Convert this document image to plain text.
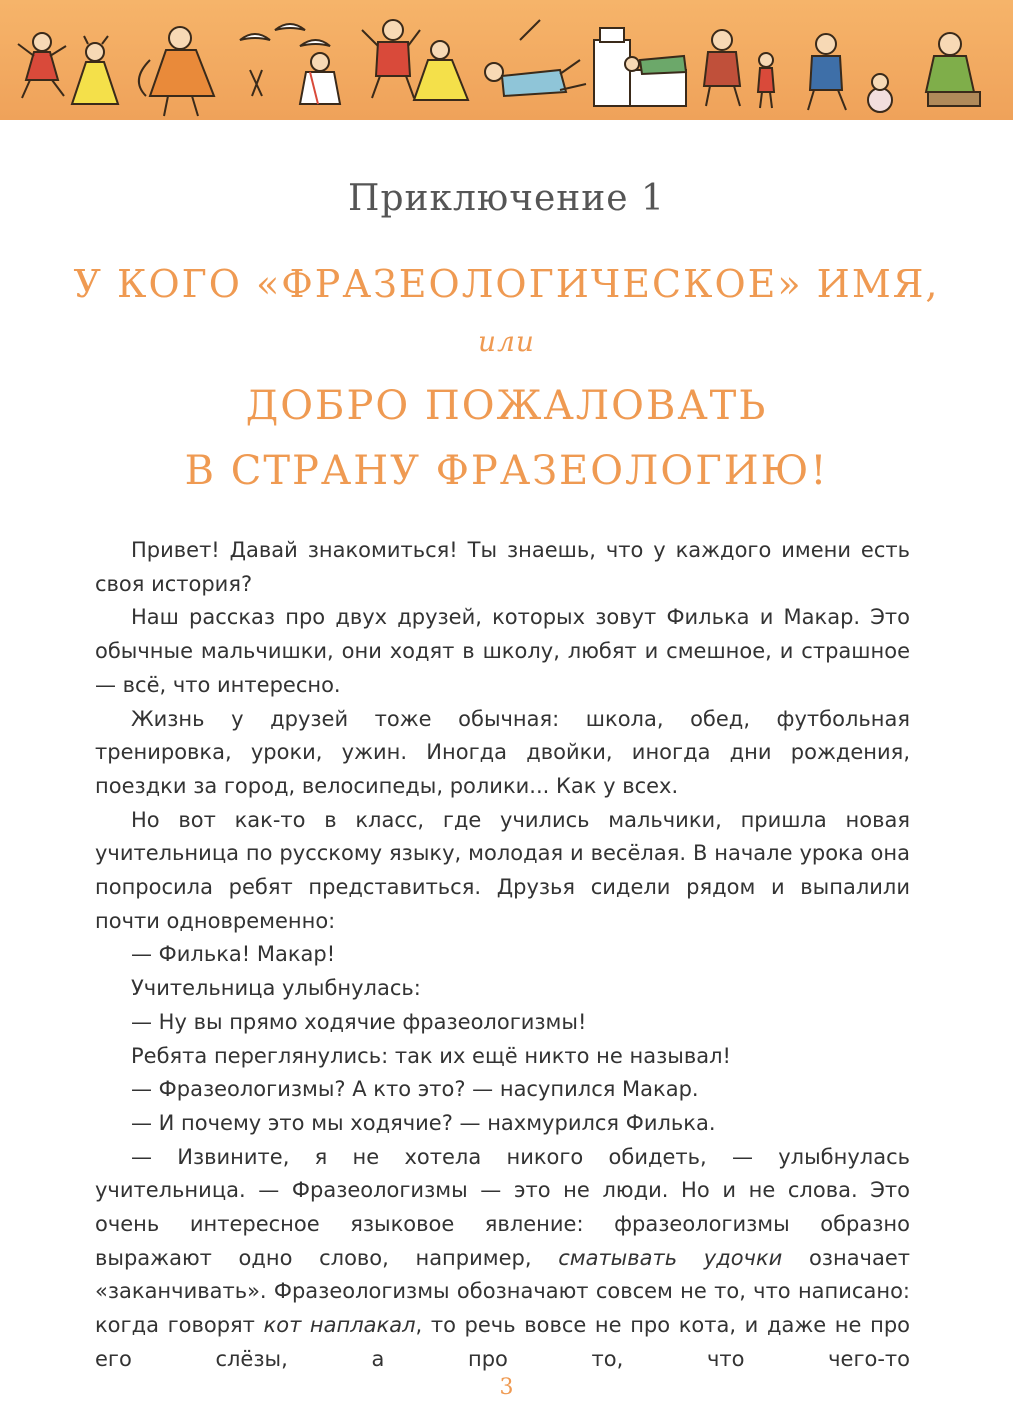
Приключение 1
У КОГО «ФРАЗЕОЛОГИЧЕСКОЕ» ИМЯ,
или
ДОБРО ПОЖАЛОВАТЬ
В СТРАНУ ФРАЗЕОЛОГИЮ!

Привет! Давай знакомиться! Ты знаешь, что у каждого имени есть своя история?

Наш рассказ про двух друзей, которых зовут Филька и Макар. Это обычные мальчишки, они ходят в школу, любят и смешное, и страшное — всё, что интересно.

Жизнь у друзей тоже обычная: школа, обед, футбольная тренировка, уроки, ужин. Иногда двойки, иногда дни рождения, поездки за город, велосипеды, ролики... Как у всех.

Но вот как-то в класс, где учились мальчики, пришла новая учительница по русскому языку, молодая и весёлая. В начале урока она попросила ребят представиться. Друзья сидели рядом и выпалили почти одновременно:

— Филька! Макар!

Учительница улыбнулась:

— Ну вы прямо ходячие фразеологизмы!

Ребята переглянулись: так их ещё никто не называл!

— Фразеологизмы? А кто это? — насупился Макар.

— И почему это мы ходячие? — нахмурился Филька.

— Извините, я не хотела никого обидеть, — улыбнулась учительница. — Фразеологизмы — это не люди. Но и не слова. Это очень интересное языковое явление: фразеологизмы образно выражают одно слово, например, сматывать удочки означает «заканчивать». Фразеологизмы обозначают совсем не то, что написано: когда говорят кот наплакал, то речь вовсе не про кота, и даже не про его слёзы, а про то, что чего-то

3
